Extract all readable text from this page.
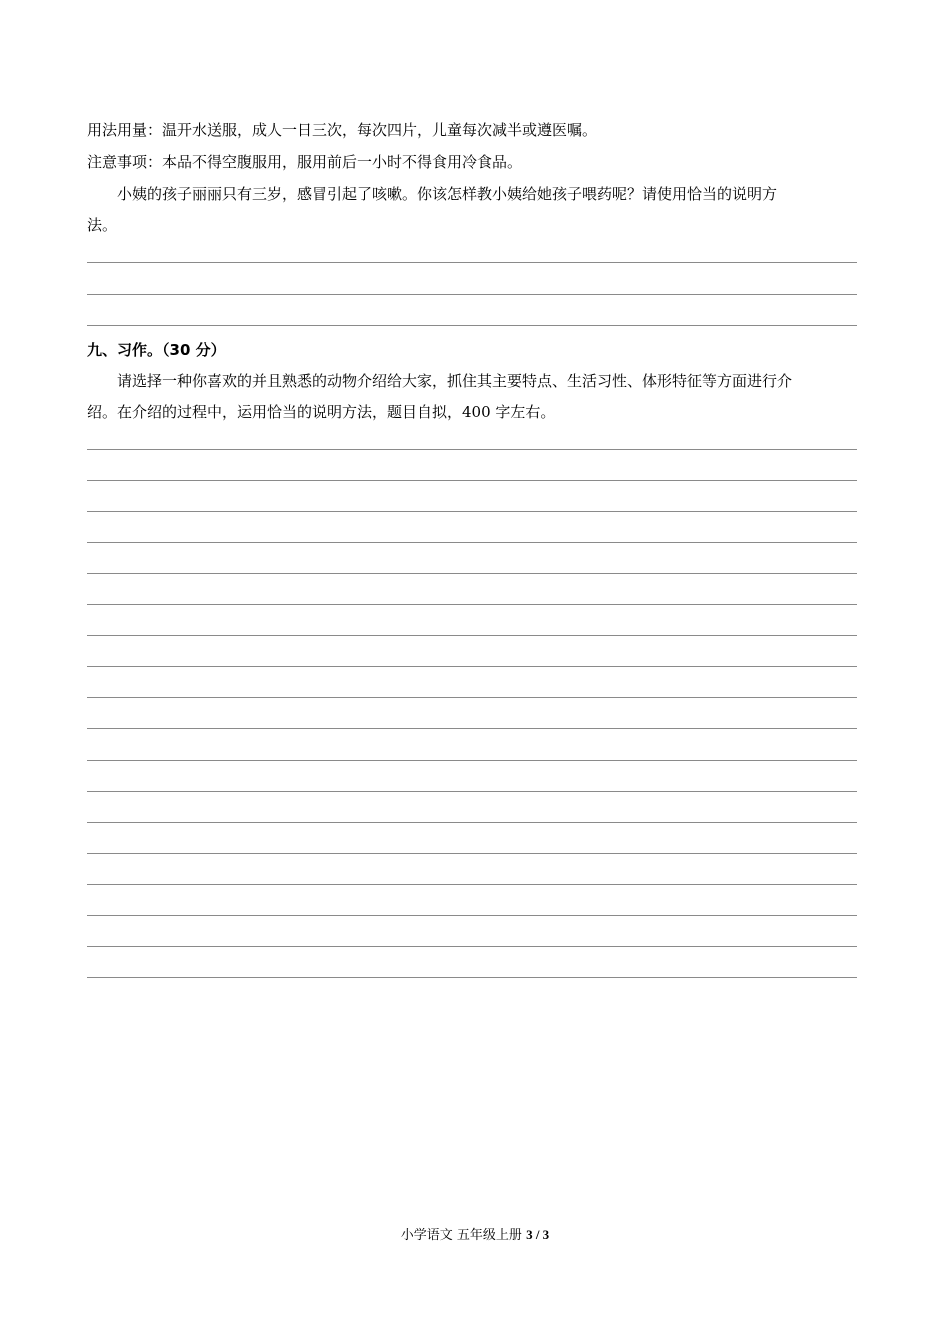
用法用量：温开水送服，成人一日三次，每次四片，儿童每次减半或遵医嘱。
注意事项：本品不得空腹服用，服用前后一小时不得食用冷食品。
小姨的孩子丽丽只有三岁，感冒引起了咳嗽。你该怎样教小姨给她孩子喂药呢？请使用恰当的说明方
法。
九、习作。（30 分）
请选择一种你喜欢的并且熟悉的动物介绍给大家，抓住其主要特点、生活习性、体形特征等方面进行介
绍。在介绍的过程中，运用恰当的说明方法，题目自拟，400 字左右。
小学语文 五年级上册 3 / 3
